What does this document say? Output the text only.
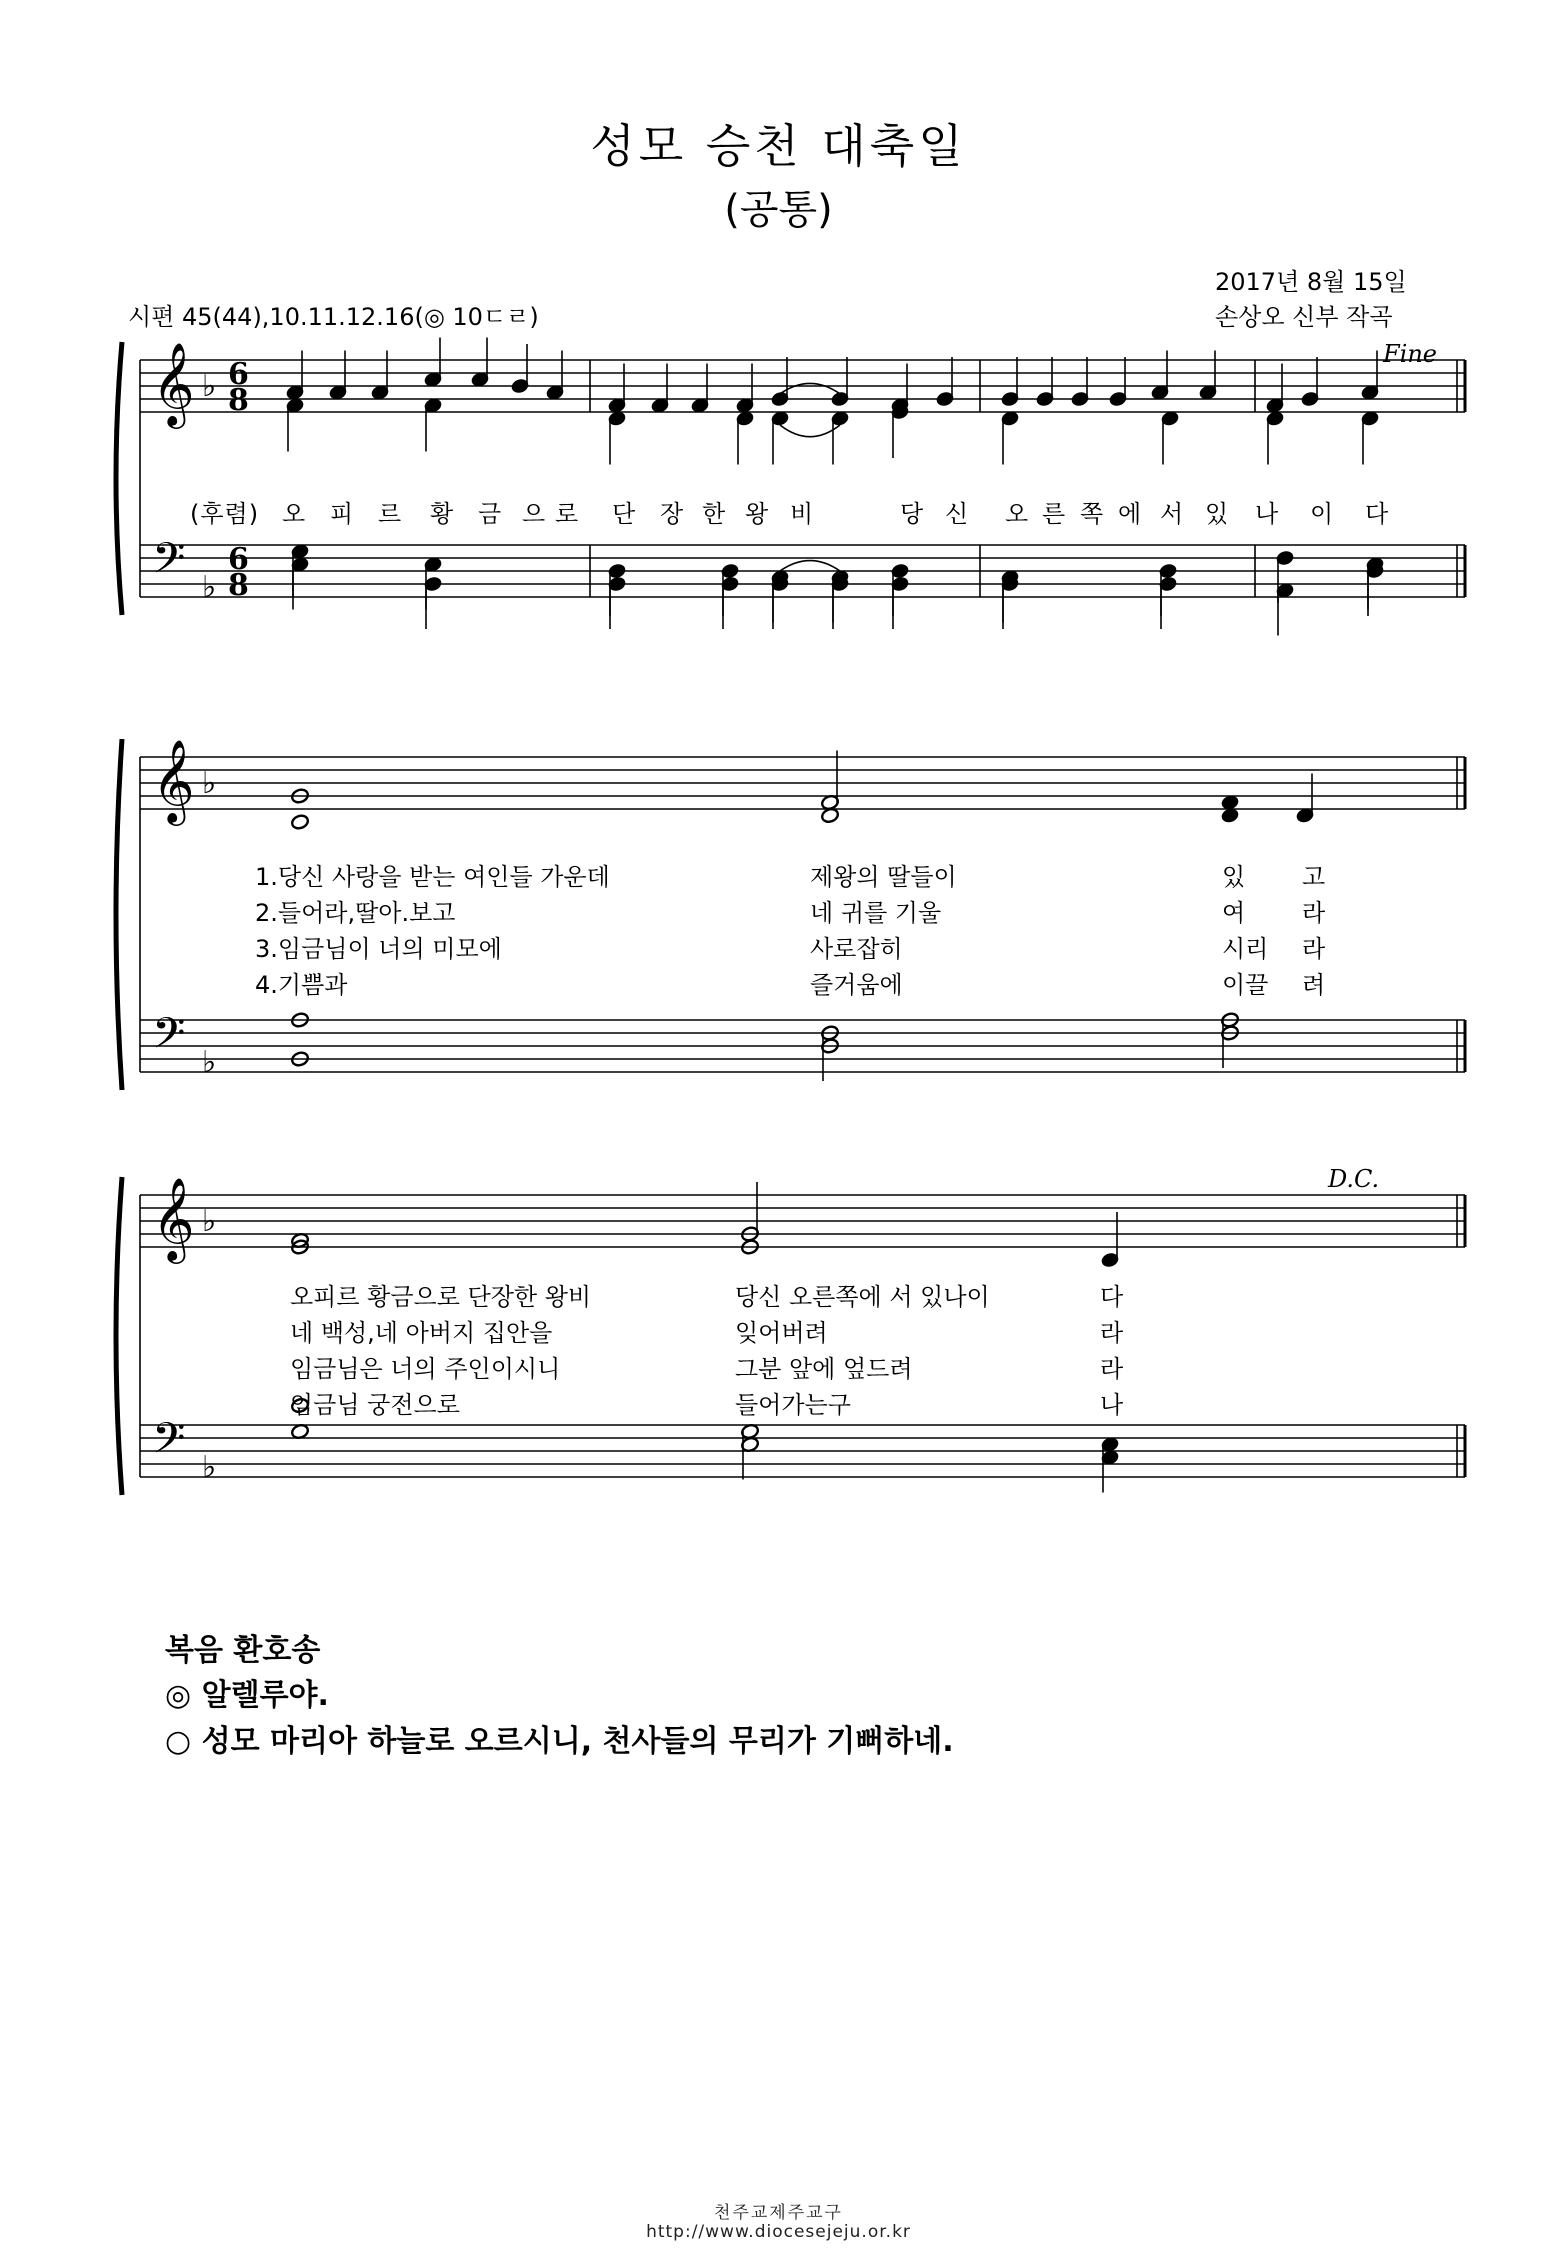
성모 승천 대축일
(공통)
2017년 8월 15일
시편 45(44),10.11.12.16(◎ 10ㄷㄹ)	손상오 신부 작곡
𝄞
𝄢
♭
♭
6
8
6
8
𝄞
𝄢
♭
♭
𝄞
𝄢
♭
♭
Fine
D.C.
(후렴) 오 피 르 황 금 으 로 단 장 한 왕 비	당 신 오 른 쪽 에 서 있 나 이 다
1.당신 사랑을 받는 여인들 가운데	제왕의 딸들이	있 고
2.들어라,딸아.보고	네 귀를 기울	여 라
3.임금님이 너의 미모에	사로잡히	시리 라
4.기쁨과	즐거움에	이끌 려
오피르 황금으로 단장한 왕비	당신 오른쪽에 서 있나이	다
네 백성,네 아버지 집안을	잊어버려	라
임금님은 너의 주인이시니	그분 앞에 엎드려	라
임금님 궁전으로	들어가는구	나
복음 환호송
◎ 알렐루야.
○ 성모 마리아 하늘로 오르시니, 천사들의 무리가 기뻐하네.
천주교제주교구
http://www.diocesejeju.or.kr
